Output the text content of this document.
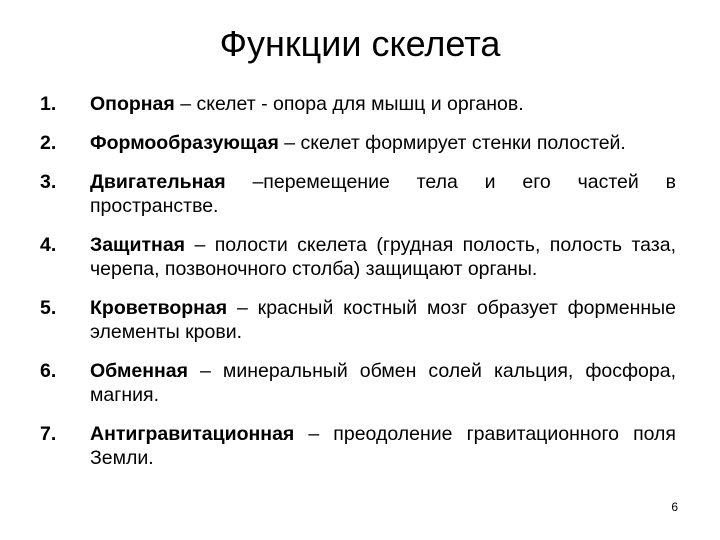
Функции скелета
1. Опорная – скелет - опора для мышц и органов.
2. Формообразующая – скелет формирует стенки полостей.
3. Двигательная –перемещение тела и его частей в пространстве.
4. Защитная – полости скелета (грудная полость, полость таза, черепа, позвоночного столба) защищают органы.
5. Кроветворная – красный костный мозг образует форменные элементы крови.
6. Обменная – минеральный обмен солей кальция, фосфора, магния.
7. Антигравитационная – преодоление гравитационного поля Земли.
6
